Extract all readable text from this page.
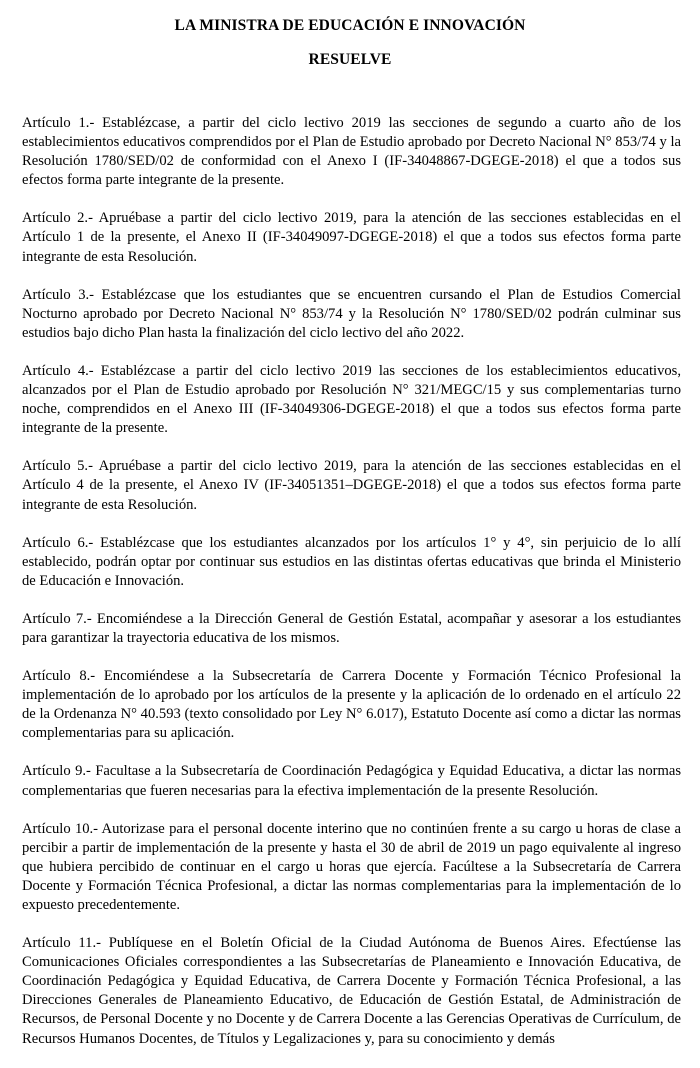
LA MINISTRA DE EDUCACIÓN E INNOVACIÓN
RESUELVE

Artículo 1.- Establézcase, a partir del ciclo lectivo 2019 las secciones de segundo a cuarto año de los establecimientos educativos comprendidos por el Plan de Estudio aprobado por Decreto Nacional N° 853/74 y la Resolución 1780/SED/02 de conformidad con el Anexo I (IF-34048867-DGEGE-2018) el que a todos sus efectos forma parte integrante de la presente.

Artículo 2.- Apruébase a partir del ciclo lectivo 2019, para la atención de las secciones establecidas en el Artículo 1 de la presente, el Anexo II (IF-34049097-DGEGE-2018) el que a todos sus efectos forma parte integrante de esta Resolución.

Artículo 3.- Establézcase que los estudiantes que se encuentren cursando el Plan de Estudios Comercial Nocturno aprobado por Decreto Nacional N° 853/74 y la Resolución N° 1780/SED/02 podrán culminar sus estudios bajo dicho Plan hasta la finalización del ciclo lectivo del año 2022.

Artículo 4.- Establézcase a partir del ciclo lectivo 2019 las secciones de los establecimientos educativos, alcanzados por el Plan de Estudio aprobado por Resolución N° 321/MEGC/15 y sus complementarias turno noche, comprendidos en el Anexo III (IF-34049306-DGEGE-2018) el que a todos sus efectos forma parte integrante de la presente.

Artículo 5.- Apruébase a partir del ciclo lectivo 2019, para la atención de las secciones establecidas en el Artículo 4 de la presente, el Anexo IV (IF-34051351–DGEGE-2018) el que a todos sus efectos forma parte integrante de esta Resolución.

Artículo 6.- Establézcase que los estudiantes alcanzados por los artículos 1° y 4°, sin perjuicio de lo allí establecido, podrán optar por continuar sus estudios en las distintas ofertas educativas que brinda el Ministerio de Educación e Innovación.

Artículo 7.- Encomiéndese a la Dirección General de Gestión Estatal, acompañar y asesorar a los estudiantes para garantizar la trayectoria educativa de los mismos.

Artículo 8.- Encomiéndese a la Subsecretaría de Carrera Docente y Formación Técnico Profesional la implementación de lo aprobado por los artículos de la presente y la aplicación de lo ordenado en el artículo 22 de la Ordenanza N° 40.593 (texto consolidado por Ley N° 6.017), Estatuto Docente así como a dictar las normas complementarias para su aplicación.

Artículo 9.- Facultase a la Subsecretaría de Coordinación Pedagógica y Equidad Educativa, a dictar las normas complementarias que fueren necesarias para la efectiva implementación de la presente Resolución.

Artículo 10.- Autorizase para el personal docente interino que no continúen frente a su cargo u horas de clase a percibir a partir de implementación de la presente y hasta el 30 de abril de 2019 un pago equivalente al ingreso que hubiera percibido de continuar en el cargo u horas que ejercía. Facúltese a la Subsecretaría de Carrera Docente y Formación Técnica Profesional, a dictar las normas complementarias para la implementación de lo expuesto precedentemente.

Artículo 11.- Publíquese en el Boletín Oficial de la Ciudad Autónoma de Buenos Aires. Efectúense las Comunicaciones Oficiales correspondientes a las Subsecretarías de Planeamiento e Innovación Educativa, de Coordinación Pedagógica y Equidad Educativa, de Carrera Docente y Formación Técnica Profesional, a las Direcciones Generales de Planeamiento Educativo, de Educación de Gestión Estatal, de Administración de Recursos, de Personal Docente y no Docente y de Carrera Docente a las Gerencias Operativas de Currículum, de Recursos Humanos Docentes, de Títulos y Legalizaciones y, para su conocimiento y demás
